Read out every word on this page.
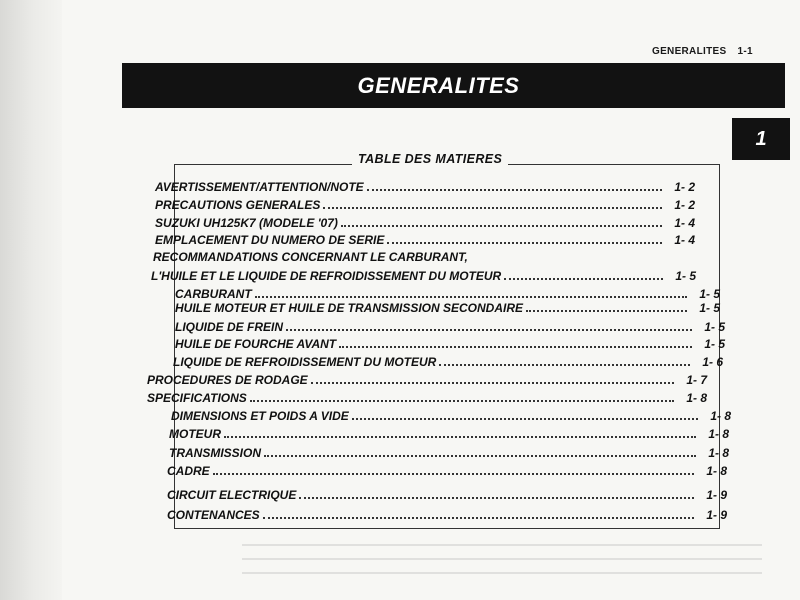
GENERALITES 1-1
GENERALITES
1
TABLE DES MATIERES
AVERTISSEMENT/ATTENTION/NOTE	1- 2
PRECAUTIONS GENERALES	1- 2
SUZUKI UH125K7 (MODELE '07)	1- 4
EMPLACEMENT DU NUMERO DE SERIE	1- 4
RECOMMANDATIONS CONCERNANT LE CARBURANT,
L'HUILE ET LE LIQUIDE DE REFROIDISSEMENT DU MOTEUR	1- 5
CARBURANT	1- 5
HUILE MOTEUR ET HUILE DE TRANSMISSION SECONDAIRE	1- 5
LIQUIDE DE FREIN	1- 5
HUILE DE FOURCHE AVANT	1- 5
LIQUIDE DE REFROIDISSEMENT DU MOTEUR	1- 6
PROCEDURES DE RODAGE	1- 7
SPECIFICATIONS	1- 8
DIMENSIONS ET POIDS A VIDE	1- 8
MOTEUR	1- 8
TRANSMISSION	1- 8
CADRE	1- 8
CIRCUIT ELECTRIQUE	1- 9
CONTENANCES	1- 9
